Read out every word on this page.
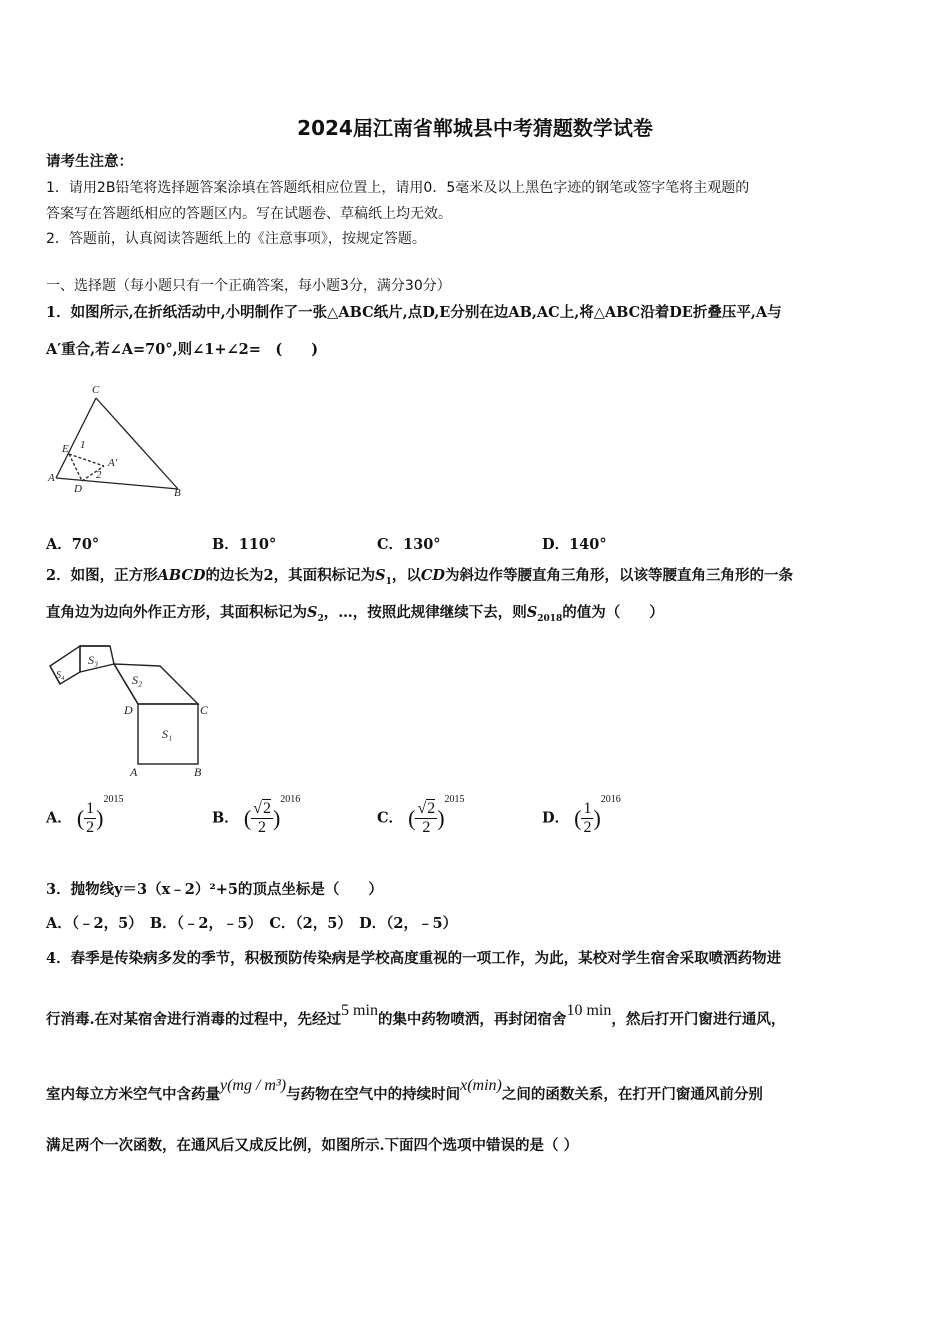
2024届江南省郸城县中考猜题数学试卷
请考生注意：
1．请用2B铅笔将选择题答案涂填在答题纸相应位置上，请用0．5毫米及以上黑色字迹的钢笔或签字笔将主观题的
答案写在答题纸相应的答题区内。写在试题卷、草稿纸上均无效。
2．答题前，认真阅读答题纸上的《注意事项》，按规定答题。
一、选择题（每小题只有一个正确答案，每小题3分，满分30分）
1．如图所示,在折纸活动中,小明制作了一张△ABC纸片,点D,E分别在边AB,AC上,将△ABC沿着DE折叠压平,A与
A′重合,若∠A=70°,则∠1+∠2=　(　　)
C
E 1
A′
A
D
2
B
A．70°	B．110°	C．130°	D．140°
2．如图，正方形ABCD的边长为2，其面积标记为$S_1$，以CD为斜边作等腰直角三角形，以该等腰直角三角形的一条
直角边为边向外作正方形，其面积标记为$S_2$，…，按照此规律继续下去，则$S_{2018}$的值为（　　）
S₄
S₃
S₂
S₁
D	C
A	B
A． ( $\frac{1}{2} )^{2015}$
B． ( $\frac{√2}{2} )^{2016}$
C． ( $\frac{√2}{2} )^{2015}$
D． ( $\frac{1}{2} )^{2016}$
3．抛物线y＝3（x﹣2）²+5的顶点坐标是（　　）
A．（﹣2，5）　B．（﹣2，﹣5）　C．（2，5）　D．（2，﹣5）
4．春季是传染病多发的季节，积极预防传染病是学校高度重视的一项工作，为此，某校对学生宿舍采取喷洒药物进
行消毒.在对某宿舍进行消毒的过程中，先经过5 min的集中药物喷洒，再封闭宿舍10 min，然后打开门窗进行通风，
室内每立方米空气中含药量y(mg / m³)与药物在空气中的持续时间x(min)之间的函数关系，在打开门窗通风前分别
满足两个一次函数，在通风后又成反比例，如图所示.下面四个选项中错误的是（ ）
